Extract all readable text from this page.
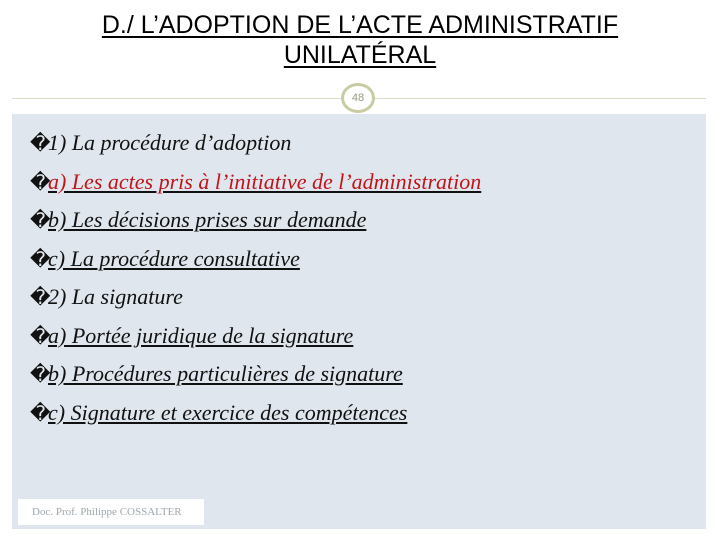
D./ L’ADOPTION DE L’ACTE ADMINISTRATIF
UNILATÉRAL
48
�1) La procédure d’adoption
�a) Les actes pris à l’initiative de l’administration
�b) Les décisions prises sur demande
�c) La procédure consultative
�2) La signature
�a) Portée juridique de la signature
�b) Procédures particulières de signature
�c) Signature et exercice des compétences
Doc. Prof. Philippe COSSALTER
